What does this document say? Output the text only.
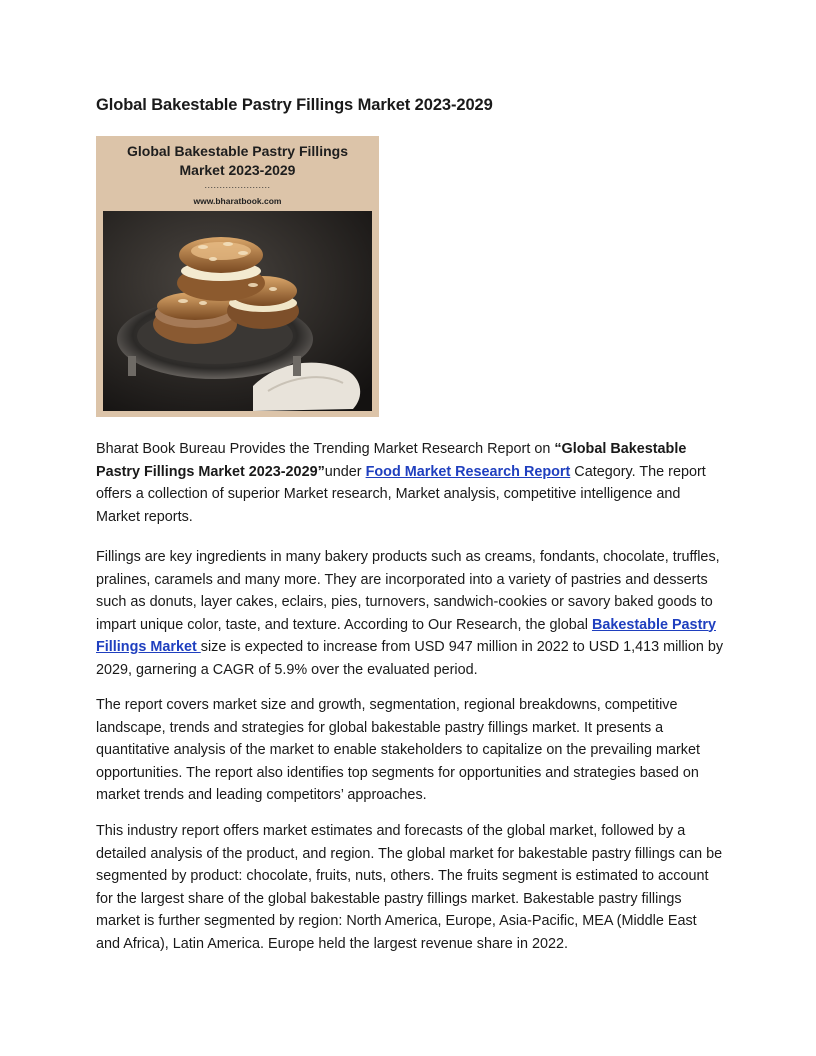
Global Bakestable Pastry Fillings Market 2023-2029
Global Bakestable Pastry Fillings
Market 2023-2029
......................
www.bharatbook.com

Bharat Book Bureau Provides the Trending Market Research Report on “Global Bakestable Pastry Fillings Market 2023-2029”under Food Market Research Report Category. The report offers a collection of superior Market research, Market analysis, competitive intelligence and Market reports.

Fillings are key ingredients in many bakery products such as creams, fondants, chocolate, truffles, pralines, caramels and many more. They are incorporated into a variety of pastries and desserts such as donuts, layer cakes, eclairs, pies, turnovers, sandwich-cookies or savory baked goods to impart unique color, taste, and texture. According to Our Research, the global Bakestable Pastry Fillings Market size is expected to increase from USD 947 million in 2022 to USD 1,413 million by 2029, garnering a CAGR of 5.9% over the evaluated period.

The report covers market size and growth, segmentation, regional breakdowns, competitive landscape, trends and strategies for global bakestable pastry fillings market. It presents a quantitative analysis of the market to enable stakeholders to capitalize on the prevailing market opportunities. The report also identifies top segments for opportunities and strategies based on market trends and leading competitors’ approaches.

This industry report offers market estimates and forecasts of the global market, followed by a detailed analysis of the product, and region. The global market for bakestable pastry fillings can be segmented by product: chocolate, fruits, nuts, others. The fruits segment is estimated to account for the largest share of the global bakestable pastry fillings market. Bakestable pastry fillings market is further segmented by region: North America, Europe, Asia-Pacific, MEA (Middle East and Africa), Latin America. Europe held the largest revenue share in 2022.
